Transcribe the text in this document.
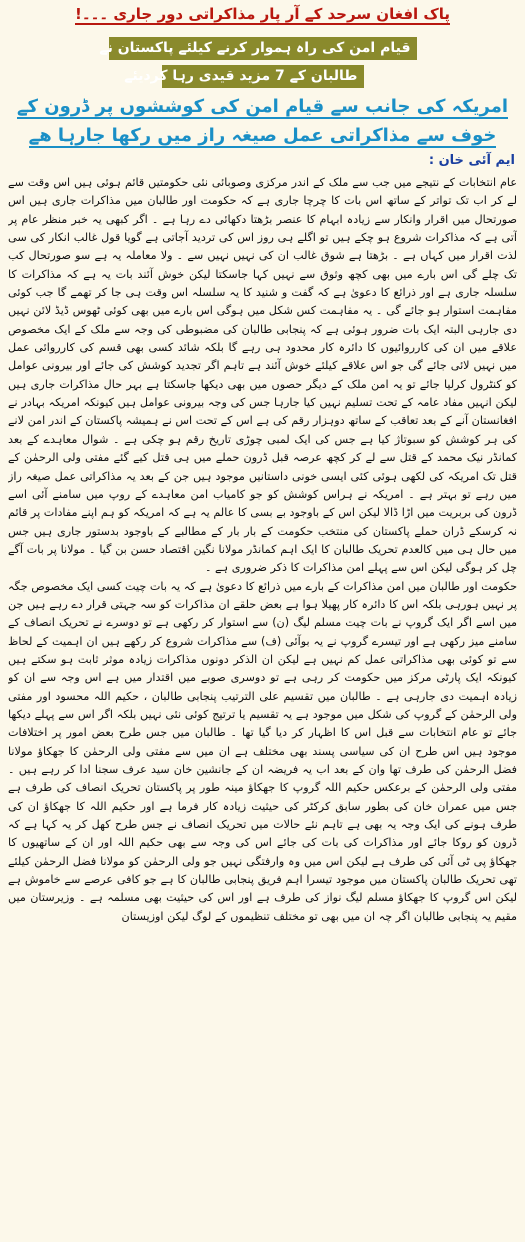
پاک افغان سرحد کے آر پار مذاکراتی دور جاری ۔۔۔!
قیام امن کی راہ ہموار کرنے کیلئے پاکستان نے
طالبان کے 7 مزید قیدی رہا کردیئے
امریکہ کی جانب سے قیام امن کی کوششوں پر ڈرون کے خوف سے مذاکراتی عمل صیغہ راز میں رکھا جارہا ھے
ایم آئی خان :

عام انتخابات کے نتیجے میں جب سے ملک کے اندر مرکزی وصوبائی نئی حکومتیں قائم ہوئی ہیں اس وقت سے لے کر اب تک تواتر کے ساتھ اس بات کا چرچا جاری ہے کہ حکومت اور طالبان میں مذاکرات جاری ہیں اس صورتحال میں اقرار وانکار سے زیادہ ابہام کا عنصر بڑھتا دکھائی دے رہا ہے ۔ اگر کبھی یہ خبر منظر عام پر آتی ہے کہ مذاکرات شروع ہو چکے ہیں تو اگلے ہی روز اس کی تردید آجاتی ہے گویا قول غالب انکار کی سی لذت اقرار میں کہاں ہے ۔ بڑھتا ہے شوق غالب ان کی نہیں نہیں سے ۔ ولا معاملہ یہ ہے سو صورتحال کب تک چلے گی اس بارے میں بھی کچھ وثوق سے نہیں کہا جاسکتا لیکن خوش آئند بات یہ ہے کہ مذاکرات کا سلسلہ جاری ہے اور ذرائع کا دعویٰ ہے کہ گفت و شنید کا یہ سلسلہ اس وقت ہی جا کر تھمے گا جب کوئی مفاہمت استوار ہو جائے گی ۔ یہ مفاہمت کس شکل میں ہوگی اس بارے میں بھی کوئی ٹھوس ڈیڈ لائن نہیں دی جارہی البتہ ایک بات ضرور ہوئی ہے کہ پنجابی طالبان کی مضبوطی کی وجہ سے ملک کے ایک مخصوص علاقے میں ان کی کارروائیوں کا دائرہ کار محدود ہی رہے گا بلکہ شائد کسی بھی قسم کی کارروائی عمل میں نہیں لائی جائے گی جو اس علاقے کیلئے خوش آئند ہے تاہم اگر تجدید کوشش کی جائے اور بیرونی عوامل کو کنٹرول کرلیا جائے تو یہ امن ملک کے دیگر حصوں میں بھی دیکھا جاسکتا ہے بہر حال مذاکرات جاری ہیں لیکن انہیں مفاد عامہ کے تحت تسلیم نہیں کیا جارہا جس کی وجہ بیرونی عوامل ہیں کیونکہ امریکہ بہادر نے افغانستان آنے کے بعد تعاقب کے ساتھ دوہزار رقم کی ہے اس کے تحت اس نے ہمیشہ پاکستان کے اندر امن لانے کی ہر کوشش کو سبوتاژ کیا ہے جس کی ایک لمبی چوڑی تاریخ رقم ہو چکی ہے ۔ شوال معاہدے کے بعد کمانڈر نیک محمد کے قتل سے لے کر کچھ عرصہ قبل ڈرون حملے میں ہی قتل کیے گئے مفتی ولی الرحمٰن کے قتل تک امریکہ کی لکھی ہوئی کئی ایسی خونی داستانیں موجود ہیں جن کے بعد یہ مذاکراتی عمل صیغہ راز میں رہے تو بہتر ہے ۔ امریکہ نے ہراس کوشش کو جو کامیاب امن معاہدے کے روپ میں سامنے آئی اسے ڈرون کی بربریت میں اڑا ڈالا لیکن اس کے باوجود بے بسی کا عالم یہ ہے کہ امریکہ کو ہم اپنے مفادات پر قائم نہ کرسکے ڈران حملے پاکستان کی منتخب حکومت کے بار بار کے مطالبے کے باوجود بدستور جاری ہیں جس میں حال ہی میں کالعدم تحریک طالبان کا ایک اہم کمانڈر مولانا نگین اقتصاد حسن بن گیا ۔ مولانا پر بات آگے چل کر ہوگی لیکن اس سے پہلے امن مذاکرات کا ذکر ضروری ہے ۔

حکومت اور طالبان میں امن مذاکرات کے بارے میں ذرائع کا دعویٰ ہے کہ یہ بات چیت کسی ایک مخصوص جگہ پر نہیں ہورہی بلکہ اس کا دائرہ کار پھیلا ہوا ہے بعض حلقے ان مذاکرات کو سہ جہتی قرار دے رہے ہیں جن میں اسے اگر ایک گروپ نے بات چیت مسلم لیگ (ن) سے استوار کر رکھی ہے تو دوسرے نے تحریک انصاف کے سامنے میز رکھی ہے اور تیسرے گروپ نے یہ بوآئی (ف) سے مذاکرات شروع کر رکھے ہیں ان اہمیت کے لحاظ سے تو کوئی بھی مذاکراتی عمل کم نہیں ہے لیکن ان الذکر دونوں مذاکرات زیادہ موثر ثابت ہو سکتے ہیں کیونکہ ایک پارٹی مرکز میں حکومت کر رہی ہے تو دوسری صوبے میں اقتدار میں ہے اس وجہ سے ان کو زیادہ اہمیت دی جارہی ہے ۔ طالبان میں تقسیم علی الترتیب پنجابی طالبان ، حکیم اللہ محسود اور مفتی ولی الرحمٰن کے گروپ کی شکل میں موجود ہے یہ تقسیم یا ترتیج کوئی نئی نہیں بلکہ اگر اس سے پہلے دیکھا جائے تو عام انتخابات سے قبل اس کا اظہار کر دیا گیا تھا ۔ طالبان میں جس طرح بعض امور پر اختلافات موجود ہیں اس طرح ان کی سیاسی پسند بھی مختلف ہے ان میں سے مفتی ولی الرحمٰن کا جھکاؤ مولانا فضل الرحمٰن کی طرف تھا وان کے بعد اب یہ فریضہ ان کے جانشین خان سید عرف سجنا ادا کر رہے ہیں ۔ مفتی ولی الرحمٰن کے برعکس حکیم اللہ گروپ کا جھکاؤ مینہ طور پر پاکستان تحریک انصاف کی طرف ہے جس میں عمران خان کی بطور سابق کرکٹر کی حیثیت زیادہ کار فرما ہے اور حکیم اللہ کا جھکاؤ ان کی طرف ہونے کی ایک وجہ یہ بھی ہے تاہم نئے حالات میں تحریک انصاف نے جس طرح کھل کر یہ کہا ہے کہ ڈرون کو روکا جائے اور مذاکرات کی بات کی جائے اس کی وجہ سے بھی حکیم اللہ اور ان کے ساتھیوں کا جھکاؤ پی ٹی آئی کی طرف ہے لیکن اس میں وہ وارفتگی نہیں جو ولی الرحمٰن کو مولانا فضل الرحمٰن کیلئے تھی تحریک طالبان پاکستان میں موجود تیسرا اہم فریق پنجابی طالبان کا ہے جو کافی عرصے سے خاموش ہے لیکن اس گروپ کا جھکاؤ مسلم لیگ نواز کی طرف ہے اور اس کی حیثیت بھی مسلمہ ہے ۔ وزیرستان میں مقیم یہ پنجابی طالبان اگر چہ ان میں بھی تو مختلف تنظیموں کے لوگ لیکن اوزیستان
